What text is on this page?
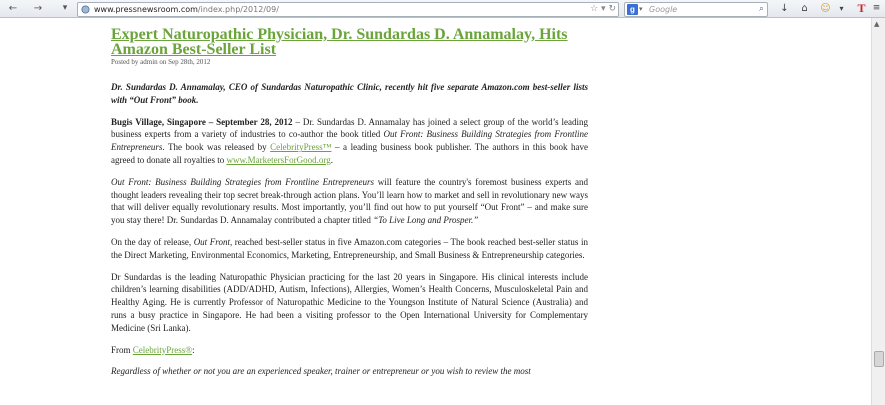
← →	▾	www.pressnewsroom.com/index.php/2012/09/	☆ ▾ ↻	g ▾ Google	⌕ ↓	⌂	☺	▾	T ≡
Expert Naturopathic Physician, Dr. Sundardas D. Annamalay, Hits Amazon Best-Seller List
Posted by admin on Sep 28th, 2012

Dr. Sundardas D. Annamalay, CEO of Sundardas Naturopathic Clinic, recently hit five separate Amazon.com best-seller lists with “Out Front” book.

Bugis Village, Singapore – September 28, 2012 – Dr. Sundardas D. Annamalay has joined a select group of the world’s leading business experts from a variety of industries to co-author the book titled Out Front: Business Building Strategies from Frontline Entrepreneurs. The book was released by CelebrityPress™ – a leading business book publisher. The authors in this book have agreed to donate all royalties to www.MarketersForGood.org.

Out Front: Business Building Strategies from Frontline Entrepreneurs will feature the country's foremost business experts and thought leaders revealing their top secret break-through action plans. You’ll learn how to market and sell in revolutionary new ways that will deliver equally revolutionary results. Most importantly, you’ll find out how to put yourself “Out Front” – and make sure you stay there! Dr. Sundardas D. Annamalay contributed a chapter titled “To Live Long and Prosper.”

On the day of release, Out Front, reached best-seller status in five Amazon.com categories – The book reached best-seller status in the Direct Marketing, Environmental Economics, Marketing, Entrepreneurship, and Small Business & Entrepreneurship categories.

Dr Sundardas is the leading Naturopathic Physician practicing for the last 20 years in Singapore. His clinical interests include children’s learning disabilities (ADD/ADHD, Autism, Infections), Allergies, Women’s Health Concerns, Musculoskeletal Pain and Healthy Aging. He is currently Professor of Naturopathic Medicine to the Youngson Institute of Natural Science (Australia) and runs a busy practice in Singapore. He had been a visiting professor to the Open International University for Complementary Medicine (Sri Lanka).

From CelebrityPress®:

Regardless of whether or not you are an experienced speaker, trainer or entrepreneur or you wish to review the most

▲
